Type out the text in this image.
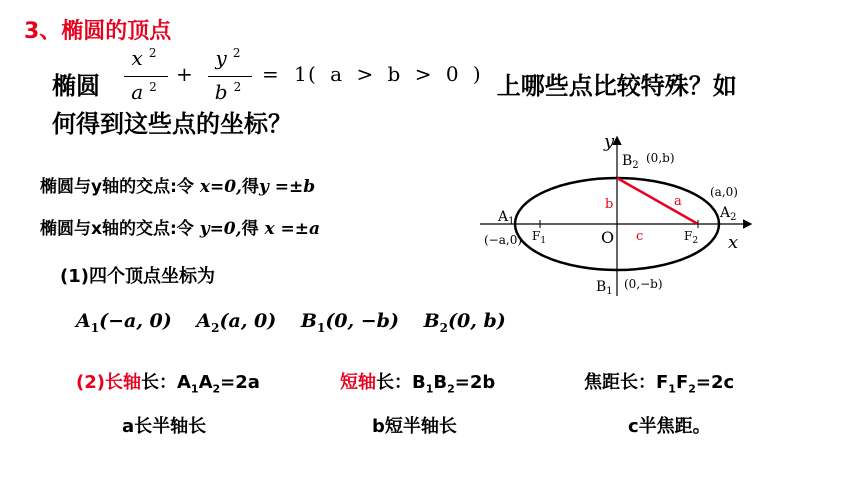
3、椭圆的顶点
椭圆	上哪些点比较特殊？如
何得到这些点的坐标？
x $^2$
a $^2$
+
y $^2$
b $^2$
= 1 ( a > b > 0 )
椭圆与y轴的交点:令 x=0,得y =±b
椭圆与x轴的交点:令 y=0,得 x =±a
(1)四个顶点坐标为
$A_1(-a$, 0) $A_2(a$, 0) $B_1(0$, −b) $B_2(0$, b)
(2)长轴长：$A_1A_2=2a$	短轴长：$B_1B_2=2b$	焦距长：$F_1F_2=2c$
a长半轴长	b短半轴长	c半焦距。
y
x
O
$B_2$
(0,b)
$B_1$
(0,−b)
$A_1$
(−a,0)
$A_2$
(a,0)
$F_1$	$F_2$
a
b
c
